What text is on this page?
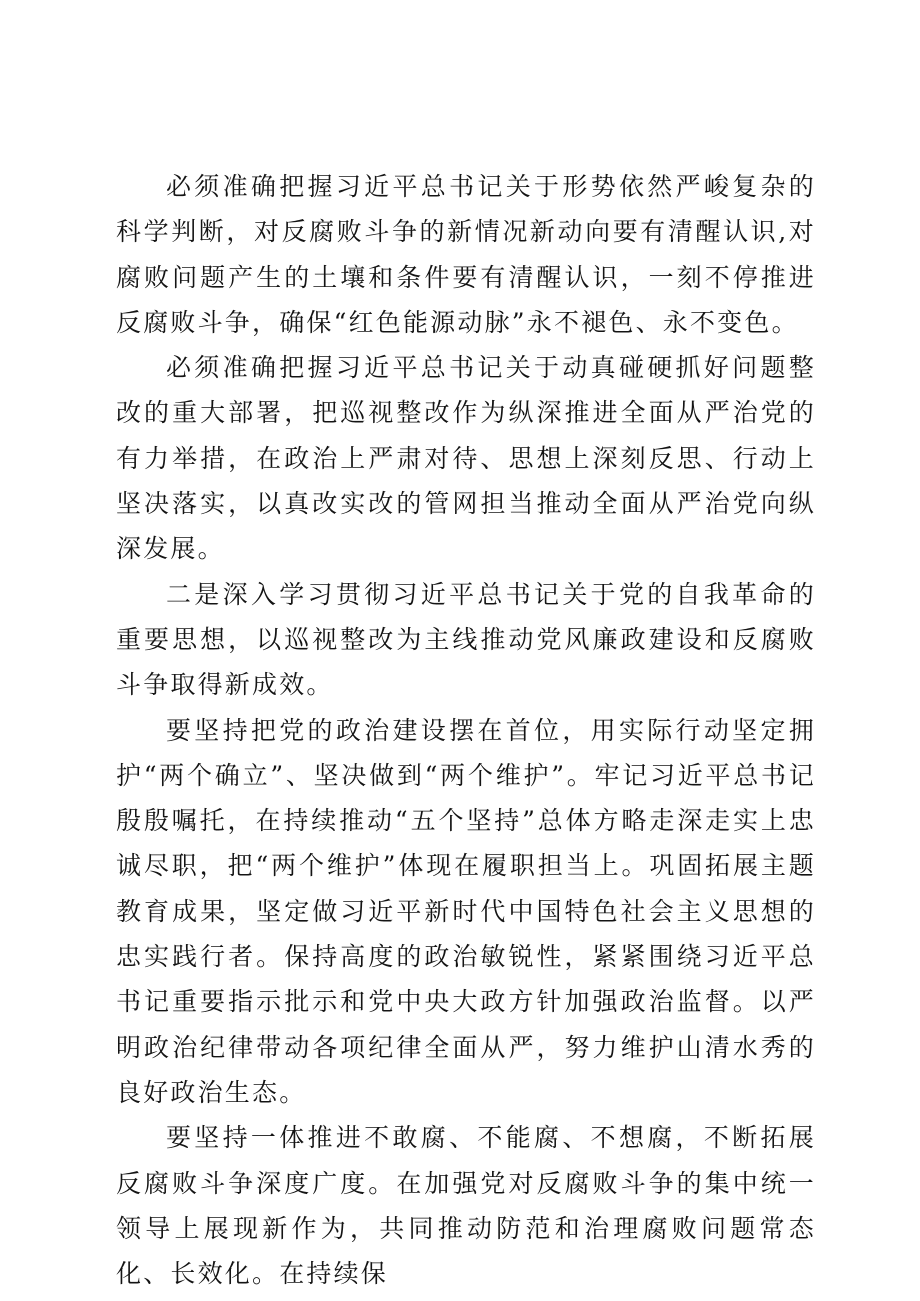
必须准确把握习近平总书记关于形势依然严峻复杂的科学判断，对反腐败斗争的新情况新动向要有清醒认识,对腐败问题产生的土壤和条件要有清醒认识，一刻不停推进反腐败斗争，确保“红色能源动脉”永不褪色、永不变色。

必须准确把握习近平总书记关于动真碰硬抓好问题整改的重大部署，把巡视整改作为纵深推进全面从严治党的有力举措，在政治上严肃对待、思想上深刻反思、行动上坚决落实，以真改实改的管网担当推动全面从严治党向纵深发展。

二是深入学习贯彻习近平总书记关于党的自我革命的重要思想，以巡视整改为主线推动党风廉政建设和反腐败斗争取得新成效。

要坚持把党的政治建设摆在首位，用实际行动坚定拥护“两个确立”、坚决做到“两个维护”。牢记习近平总书记殷殷嘱托，在持续推动“五个坚持”总体方略走深走实上忠诚尽职，把“两个维护”体现在履职担当上。巩固拓展主题教育成果，坚定做习近平新时代中国特色社会主义思想的忠实践行者。保持高度的政治敏锐性，紧紧围绕习近平总书记重要指示批示和党中央大政方针加强政治监督。以严明政治纪律带动各项纪律全面从严，努力维护山清水秀的良好政治生态。

要坚持一体推进不敢腐、不能腐、不想腐，不断拓展反腐败斗争深度广度。在加强党对反腐败斗争的集中统一领导上展现新作为，共同推动防范和治理腐败问题常态化、长效化。在持续保
